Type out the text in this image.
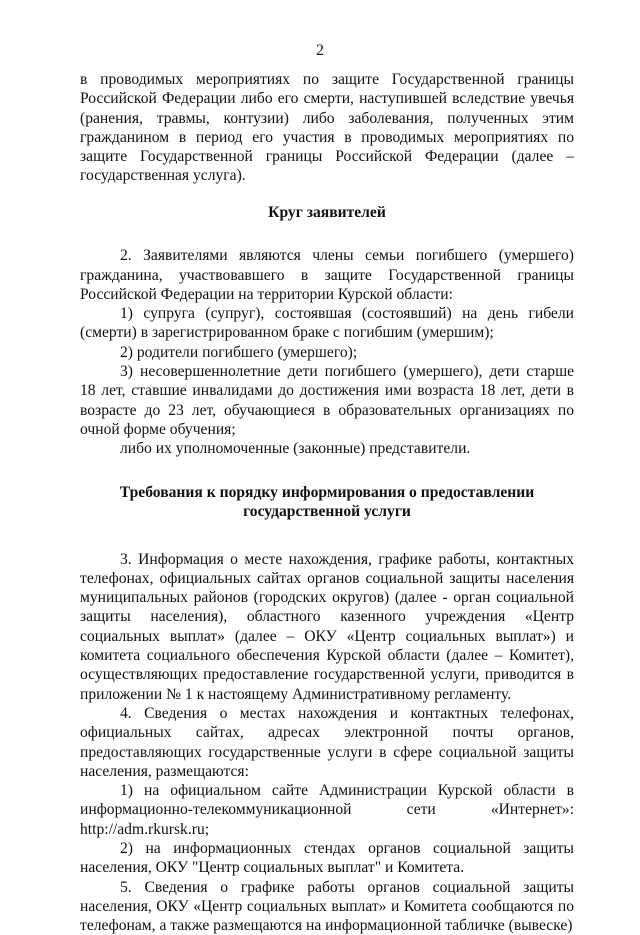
2

в проводимых мероприятиях по защите Государственной границы Российской Федерации либо его смерти, наступившей вследствие увечья (ранения, травмы, контузии) либо заболевания, полученных этим гражданином в период его участия в проводимых мероприятиях по защите Государственной границы Российской Федерации (далее – государственная услуга).

Круг заявителей

2. Заявителями являются члены семьи погибшего (умершего) гражданина, участвовавшего в защите Государственной границы Российской Федерации на территории Курской области:

1) супруга (супруг), состоявшая (состоявший) на день гибели (смерти) в зарегистрированном браке с погибшим (умершим);

2) родители погибшего (умершего);

3) несовершеннолетние дети погибшего (умершего), дети старше 18 лет, ставшие инвалидами до достижения ими возраста 18 лет, дети в возрасте до 23 лет, обучающиеся в образовательных организациях по очной форме обучения;

либо их уполномоченные (законные) представители.

Требования к порядку информирования о предоставлении

государственной услуги

3. Информация о месте нахождения, графике работы, контактных телефонах, официальных сайтах органов социальной защиты населения муниципальных районов (городских округов) (далее - орган социальной защиты населения), областного казенного учреждения «Центр социальных выплат» (далее – ОКУ «Центр социальных выплат») и комитета социального обеспечения Курской области (далее – Комитет), осуществляющих предоставление государственной услуги, приводится в приложении № 1 к настоящему Административному регламенту.

4. Сведения о местах нахождения и контактных телефонах, официальных сайтах, адресах электронной почты органов, предоставляющих государственные услуги в сфере социальной защиты населения, размещаются:

1) на официальном сайте Администрации Курской области в информационно-телекоммуникационной сети «Интернет»: http://adm.rkursk.ru;

2) на информационных стендах органов социальной защиты населения, ОКУ "Центр социальных выплат" и Комитета.

5. Сведения о графике работы органов социальной защиты населения, ОКУ «Центр социальных выплат» и Комитета сообщаются по телефонам, а также размещаются на информационной табличке (вывеске)
